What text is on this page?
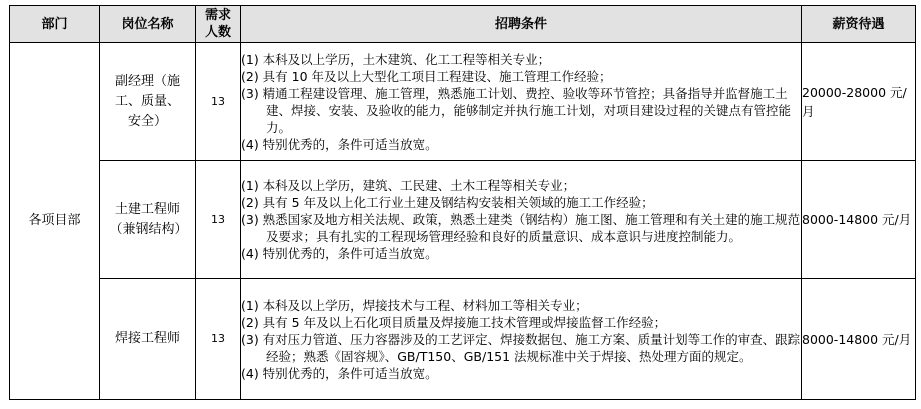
部门	岗位名称	需求人数	招聘条件	薪资待遇
各项目部	副经理（施工、质量、安全）	13	(1) 本科及以上学历，土木建筑、化工工程等相关专业；
(2) 具有 10 年及以上大型化工项目工程建设、施工管理工作经验；
(3) 精通工程建设管理、施工管理，熟悉施工计划、费控、验收等环节管控；具备指导并监督施工土建、焊接、安装、及验收的能力，能够制定并执行施工计划，对项目建设过程的关键点有管控能力。
(4) 特别优秀的，条件可适当放宽。	20000-28000 元/月
	土建工程师（兼钢结构）	13	(1) 本科及以上学历，建筑、工民建、土木工程等相关专业；
(2) 具有 5 年及以上化工行业土建及钢结构安装相关领域的施工工作经验；
(3) 熟悉国家及地方相关法规、政策，熟悉土建类（钢结构）施工图、施工管理和有关土建的施工规范及要求；具有扎实的工程现场管理经验和良好的质量意识、成本意识与进度控制能力。
(4) 特别优秀的，条件可适当放宽。	8000-14800 元/月
	焊接工程师	13	(1) 本科及以上学历，焊接技术与工程、材料加工等相关专业；
(2) 具有 5 年及以上石化项目质量及焊接施工技术管理或焊接监督工作经验；
(3) 有对压力管道、压力容器涉及的工艺评定、焊接数据包、施工方案、质量计划等工作的审查、跟踪经验；熟悉《固容规》、GB/T150、GB/151 法规标准中关于焊接、热处理方面的规定。
(4) 特别优秀的，条件可适当放宽。	8000-14800 元/月
